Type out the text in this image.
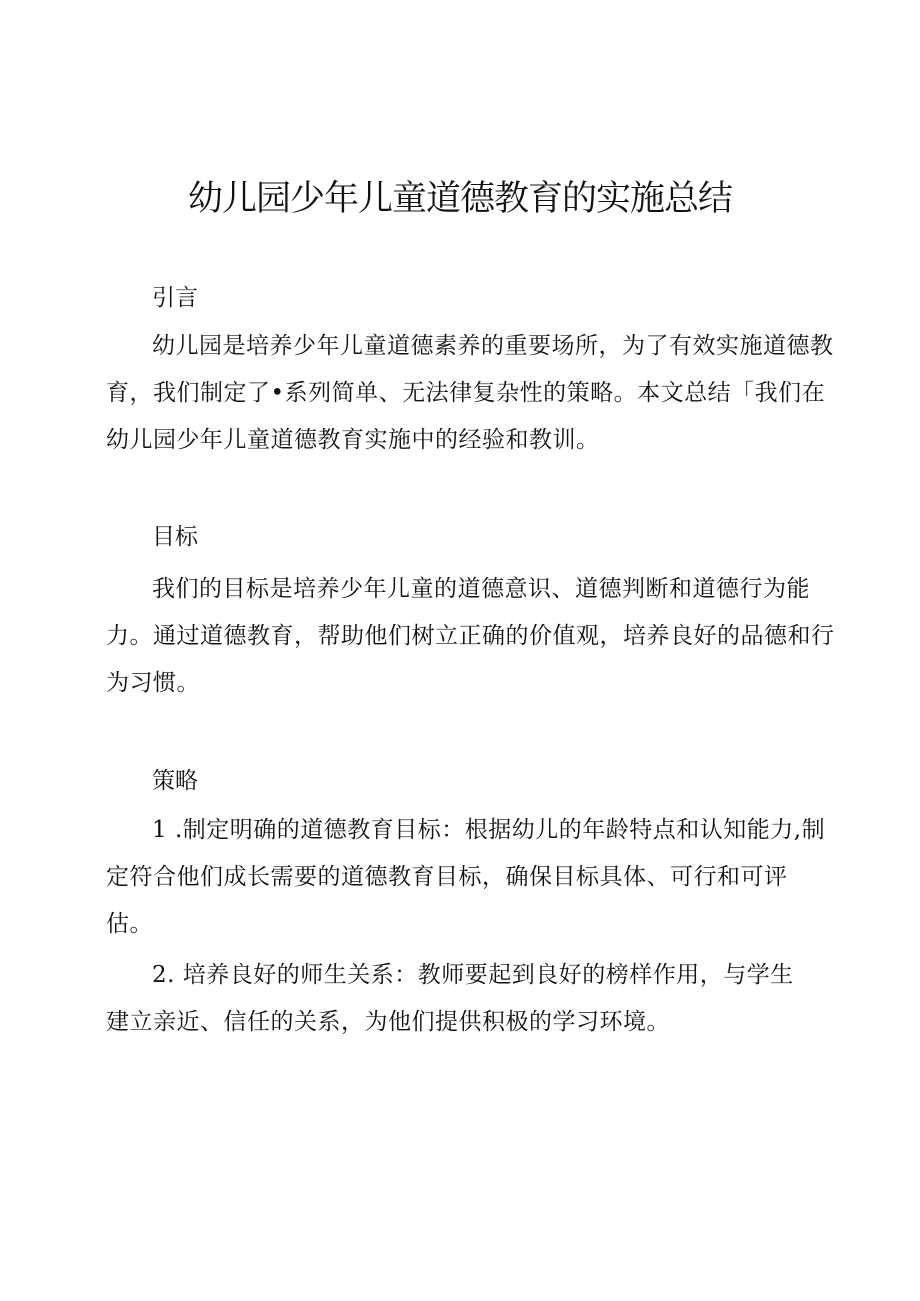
幼儿园少年儿童道德教育的实施总结
引言

幼儿园是培养少年儿童道德素养的重要场所，为了有效实施道德教育，我们制定了•系列简单、无法律复杂性的策略。本文总结「我们在幼儿园少年儿童道德教育实施中的经验和教训。

目标

我们的目标是培养少年儿童的道德意识、道德判断和道德行为能力。通过道德教育，帮助他们树立正确的价值观，培养良好的品德和行为习惯。

策略

1 .制定明确的道德教育目标：根据幼儿的年龄特点和认知能力,制定符合他们成长需要的道德教育目标，确保目标具体、可行和可评估。

2. 培养良好的师生关系：教师要起到良好的榜样作用，与学生建立亲近、信任的关系，为他们提供积极的学习环境。
